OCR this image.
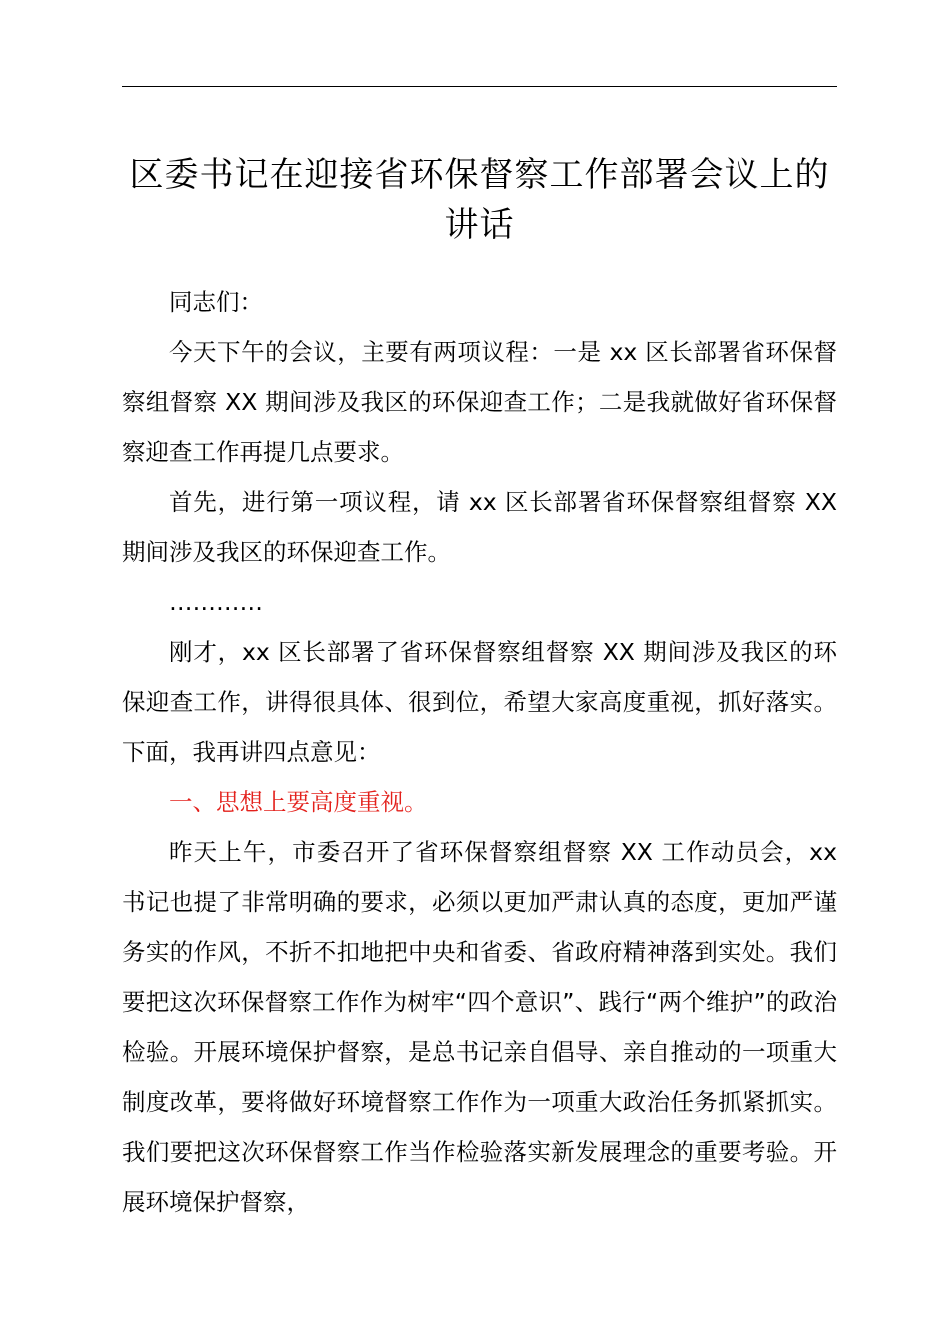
区委书记在迎接省环保督察工作部署会议上的讲话

同志们：

今天下午的会议，主要有两项议程：一是 xx 区长部署省环保督察组督察 XX 期间涉及我区的环保迎查工作；二是我就做好省环保督察迎查工作再提几点要求。

首先，进行第一项议程，请 xx 区长部署省环保督察组督察 XX 期间涉及我区的环保迎查工作。

…………

刚才，xx 区长部署了省环保督察组督察 XX 期间涉及我区的环保迎查工作，讲得很具体、很到位，希望大家高度重视，抓好落实。下面，我再讲四点意见：

一、思想上要高度重视。

昨天上午，市委召开了省环保督察组督察 XX 工作动员会，xx 书记也提了非常明确的要求，必须以更加严肃认真的态度，更加严谨务实的作风，不折不扣地把中央和省委、省政府精神落到实处。我们要把这次环保督察工作作为树牢“四个意识”、践行“两个维护”的政治检验。开展环境保护督察，是总书记亲自倡导、亲自推动的一项重大制度改革，要将做好环境督察工作作为一项重大政治任务抓紧抓实。我们要把这次环保督察工作当作检验落实新发展理念的重要考验。开展环境保护督察，
